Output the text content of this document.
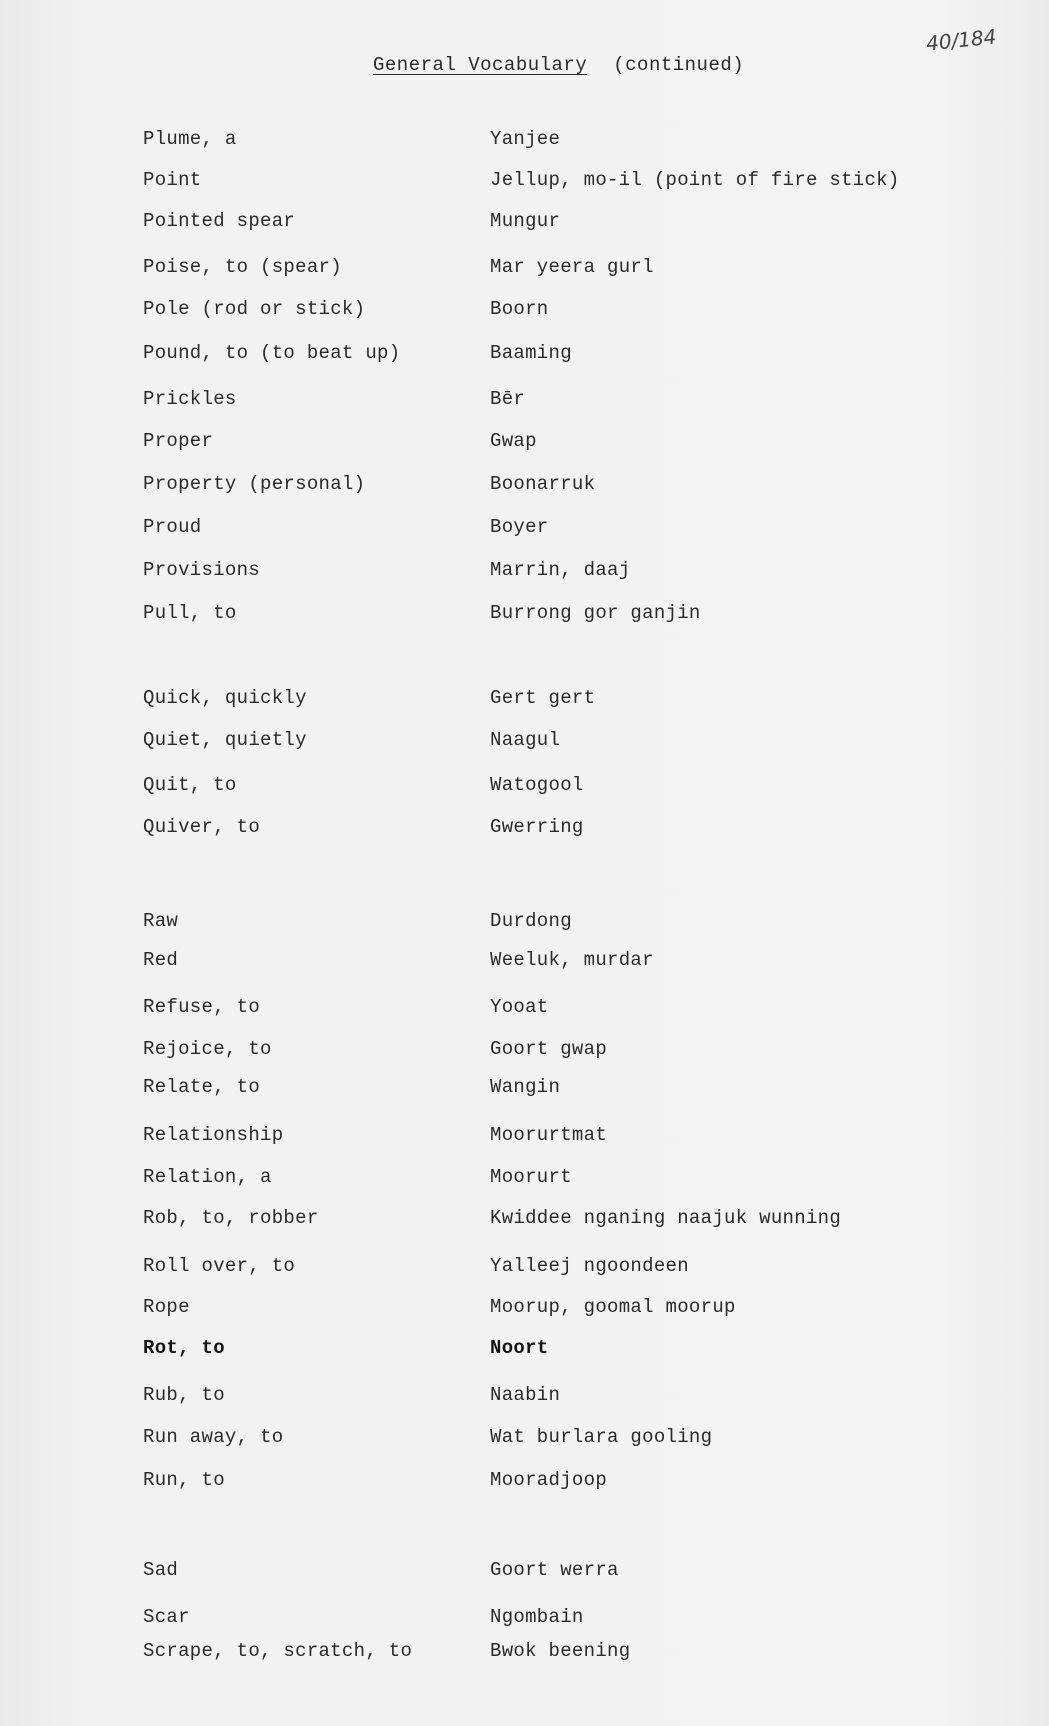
40/184
General Vocabulary (continued)
Plume, a	Yanjee
Point	Jellup, mo-il (point of fire stick)
Pointed spear	Mungur
Poise, to (spear)	Mar yeera gurl
Pole (rod or stick)	Boorn
Pound, to (to beat up)	Baaming
Prickles	Bēr
Proper	Gwap
Property (personal)	Boonarruk
Proud	Boyer
Provisions	Marrin, daaj
Pull, to	Burrong gor ganjin
Quick, quickly	Gert gert
Quiet, quietly	Naagul
Quit, to	Watogool
Quiver, to	Gwerring
Raw	Durdong
Red	Weeluk, murdar
Refuse, to	Yooat
Rejoice, to	Goort gwap
Relate, to	Wangin
Relationship	Moorurtmat
Relation, a	Moorurt
Rob, to, robber	Kwiddee nganing naajuk wunning
Roll over, to	Yalleej ngoondeen
Rope	Moorup, goomal moorup
Rot, to	Noort
Rub, to	Naabin
Run away, to	Wat burlara gooling
Run, to	Mooradjoop
Sad	Goort werra
Scar	Ngombain
Scrape, to, scratch, to	Bwok beening
